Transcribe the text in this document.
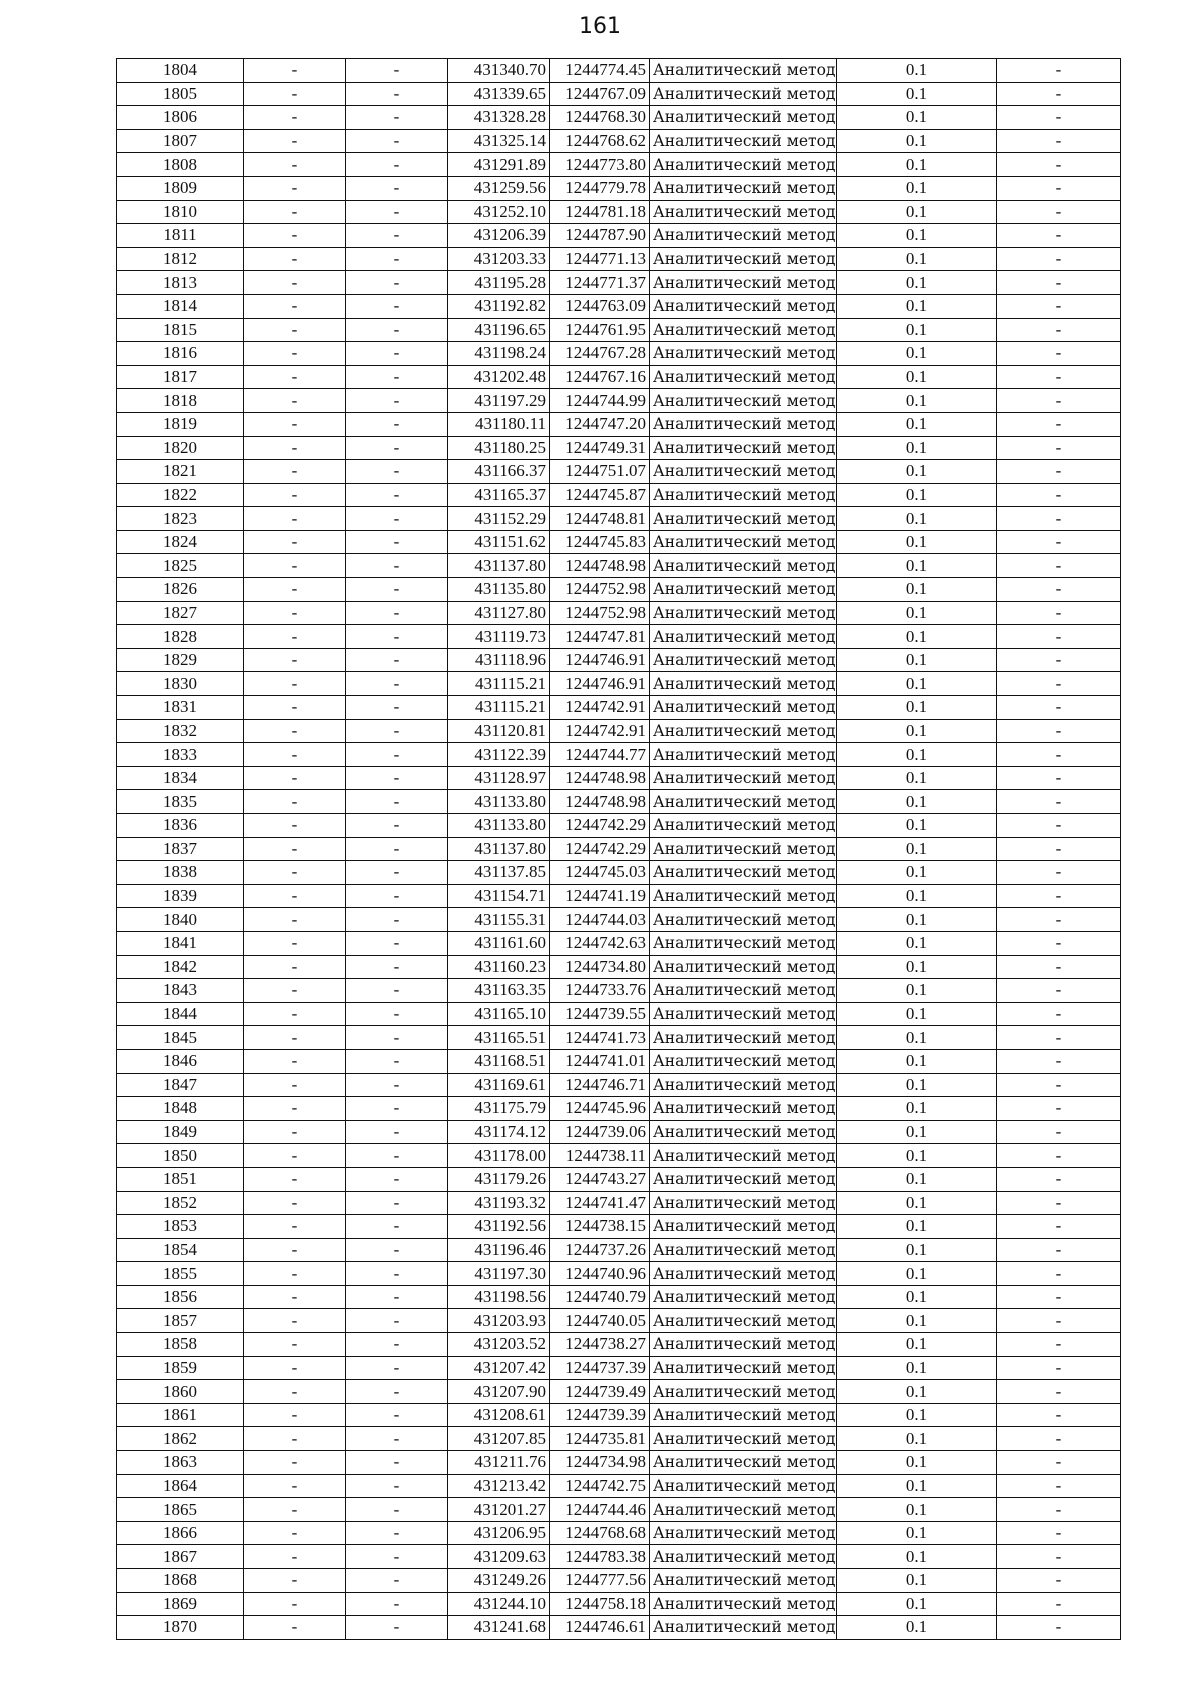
161
1804	-	-	431340.70	1244774.45	Аналитический метод	0.1	-
1805	-	-	431339.65	1244767.09	Аналитический метод	0.1	-
1806	-	-	431328.28	1244768.30	Аналитический метод	0.1	-
1807	-	-	431325.14	1244768.62	Аналитический метод	0.1	-
1808	-	-	431291.89	1244773.80	Аналитический метод	0.1	-
1809	-	-	431259.56	1244779.78	Аналитический метод	0.1	-
1810	-	-	431252.10	1244781.18	Аналитический метод	0.1	-
1811	-	-	431206.39	1244787.90	Аналитический метод	0.1	-
1812	-	-	431203.33	1244771.13	Аналитический метод	0.1	-
1813	-	-	431195.28	1244771.37	Аналитический метод	0.1	-
1814	-	-	431192.82	1244763.09	Аналитический метод	0.1	-
1815	-	-	431196.65	1244761.95	Аналитический метод	0.1	-
1816	-	-	431198.24	1244767.28	Аналитический метод	0.1	-
1817	-	-	431202.48	1244767.16	Аналитический метод	0.1	-
1818	-	-	431197.29	1244744.99	Аналитический метод	0.1	-
1819	-	-	431180.11	1244747.20	Аналитический метод	0.1	-
1820	-	-	431180.25	1244749.31	Аналитический метод	0.1	-
1821	-	-	431166.37	1244751.07	Аналитический метод	0.1	-
1822	-	-	431165.37	1244745.87	Аналитический метод	0.1	-
1823	-	-	431152.29	1244748.81	Аналитический метод	0.1	-
1824	-	-	431151.62	1244745.83	Аналитический метод	0.1	-
1825	-	-	431137.80	1244748.98	Аналитический метод	0.1	-
1826	-	-	431135.80	1244752.98	Аналитический метод	0.1	-
1827	-	-	431127.80	1244752.98	Аналитический метод	0.1	-
1828	-	-	431119.73	1244747.81	Аналитический метод	0.1	-
1829	-	-	431118.96	1244746.91	Аналитический метод	0.1	-
1830	-	-	431115.21	1244746.91	Аналитический метод	0.1	-
1831	-	-	431115.21	1244742.91	Аналитический метод	0.1	-
1832	-	-	431120.81	1244742.91	Аналитический метод	0.1	-
1833	-	-	431122.39	1244744.77	Аналитический метод	0.1	-
1834	-	-	431128.97	1244748.98	Аналитический метод	0.1	-
1835	-	-	431133.80	1244748.98	Аналитический метод	0.1	-
1836	-	-	431133.80	1244742.29	Аналитический метод	0.1	-
1837	-	-	431137.80	1244742.29	Аналитический метод	0.1	-
1838	-	-	431137.85	1244745.03	Аналитический метод	0.1	-
1839	-	-	431154.71	1244741.19	Аналитический метод	0.1	-
1840	-	-	431155.31	1244744.03	Аналитический метод	0.1	-
1841	-	-	431161.60	1244742.63	Аналитический метод	0.1	-
1842	-	-	431160.23	1244734.80	Аналитический метод	0.1	-
1843	-	-	431163.35	1244733.76	Аналитический метод	0.1	-
1844	-	-	431165.10	1244739.55	Аналитический метод	0.1	-
1845	-	-	431165.51	1244741.73	Аналитический метод	0.1	-
1846	-	-	431168.51	1244741.01	Аналитический метод	0.1	-
1847	-	-	431169.61	1244746.71	Аналитический метод	0.1	-
1848	-	-	431175.79	1244745.96	Аналитический метод	0.1	-
1849	-	-	431174.12	1244739.06	Аналитический метод	0.1	-
1850	-	-	431178.00	1244738.11	Аналитический метод	0.1	-
1851	-	-	431179.26	1244743.27	Аналитический метод	0.1	-
1852	-	-	431193.32	1244741.47	Аналитический метод	0.1	-
1853	-	-	431192.56	1244738.15	Аналитический метод	0.1	-
1854	-	-	431196.46	1244737.26	Аналитический метод	0.1	-
1855	-	-	431197.30	1244740.96	Аналитический метод	0.1	-
1856	-	-	431198.56	1244740.79	Аналитический метод	0.1	-
1857	-	-	431203.93	1244740.05	Аналитический метод	0.1	-
1858	-	-	431203.52	1244738.27	Аналитический метод	0.1	-
1859	-	-	431207.42	1244737.39	Аналитический метод	0.1	-
1860	-	-	431207.90	1244739.49	Аналитический метод	0.1	-
1861	-	-	431208.61	1244739.39	Аналитический метод	0.1	-
1862	-	-	431207.85	1244735.81	Аналитический метод	0.1	-
1863	-	-	431211.76	1244734.98	Аналитический метод	0.1	-
1864	-	-	431213.42	1244742.75	Аналитический метод	0.1	-
1865	-	-	431201.27	1244744.46	Аналитический метод	0.1	-
1866	-	-	431206.95	1244768.68	Аналитический метод	0.1	-
1867	-	-	431209.63	1244783.38	Аналитический метод	0.1	-
1868	-	-	431249.26	1244777.56	Аналитический метод	0.1	-
1869	-	-	431244.10	1244758.18	Аналитический метод	0.1	-
1870	-	-	431241.68	1244746.61	Аналитический метод	0.1	-
